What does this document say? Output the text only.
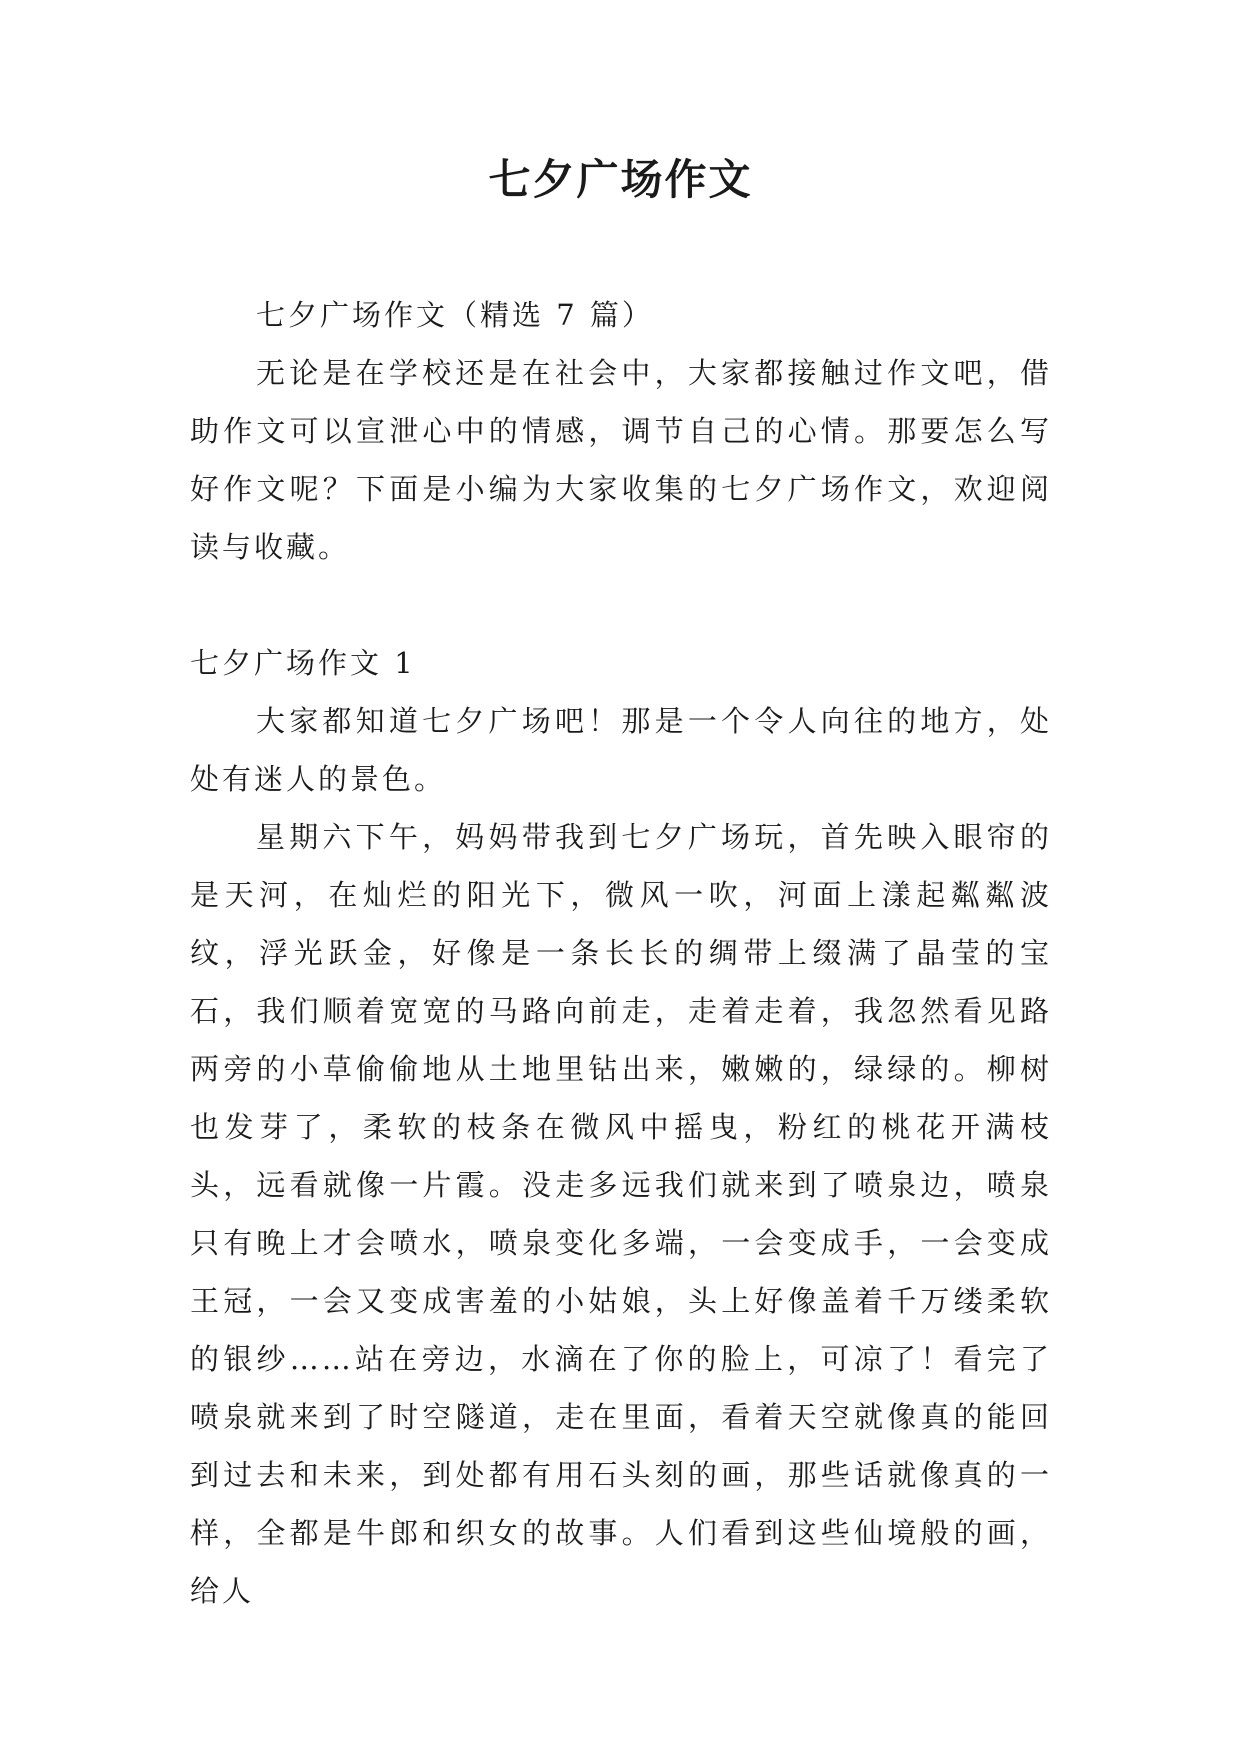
七夕广场作文

七夕广场作文（精选 7 篇）

无论是在学校还是在社会中，大家都接触过作文吧，借助作文可以宣泄心中的情感，调节自己的心情。那要怎么写好作文呢？下面是小编为大家收集的七夕广场作文，欢迎阅读与收藏。

七夕广场作文 1

大家都知道七夕广场吧！那是一个令人向往的地方，处处有迷人的景色。

星期六下午，妈妈带我到七夕广场玩，首先映入眼帘的是天河，在灿烂的阳光下，微风一吹，河面上漾起粼粼波纹，浮光跃金，好像是一条长长的绸带上缀满了晶莹的宝石，我们顺着宽宽的马路向前走，走着走着，我忽然看见路两旁的小草偷偷地从土地里钻出来，嫩嫩的，绿绿的。柳树也发芽了，柔软的枝条在微风中摇曳，粉红的桃花开满枝头，远看就像一片霞。没走多远我们就来到了喷泉边，喷泉只有晚上才会喷水，喷泉变化多端，一会变成手，一会变成王冠，一会又变成害羞的小姑娘，头上好像盖着千万缕柔软的银纱……站在旁边，水滴在了你的脸上，可凉了！看完了喷泉就来到了时空隧道，走在里面，看着天空就像真的能回到过去和未来，到处都有用石头刻的画，那些话就像真的一样，全都是牛郎和织女的故事。人们看到这些仙境般的画，给人
